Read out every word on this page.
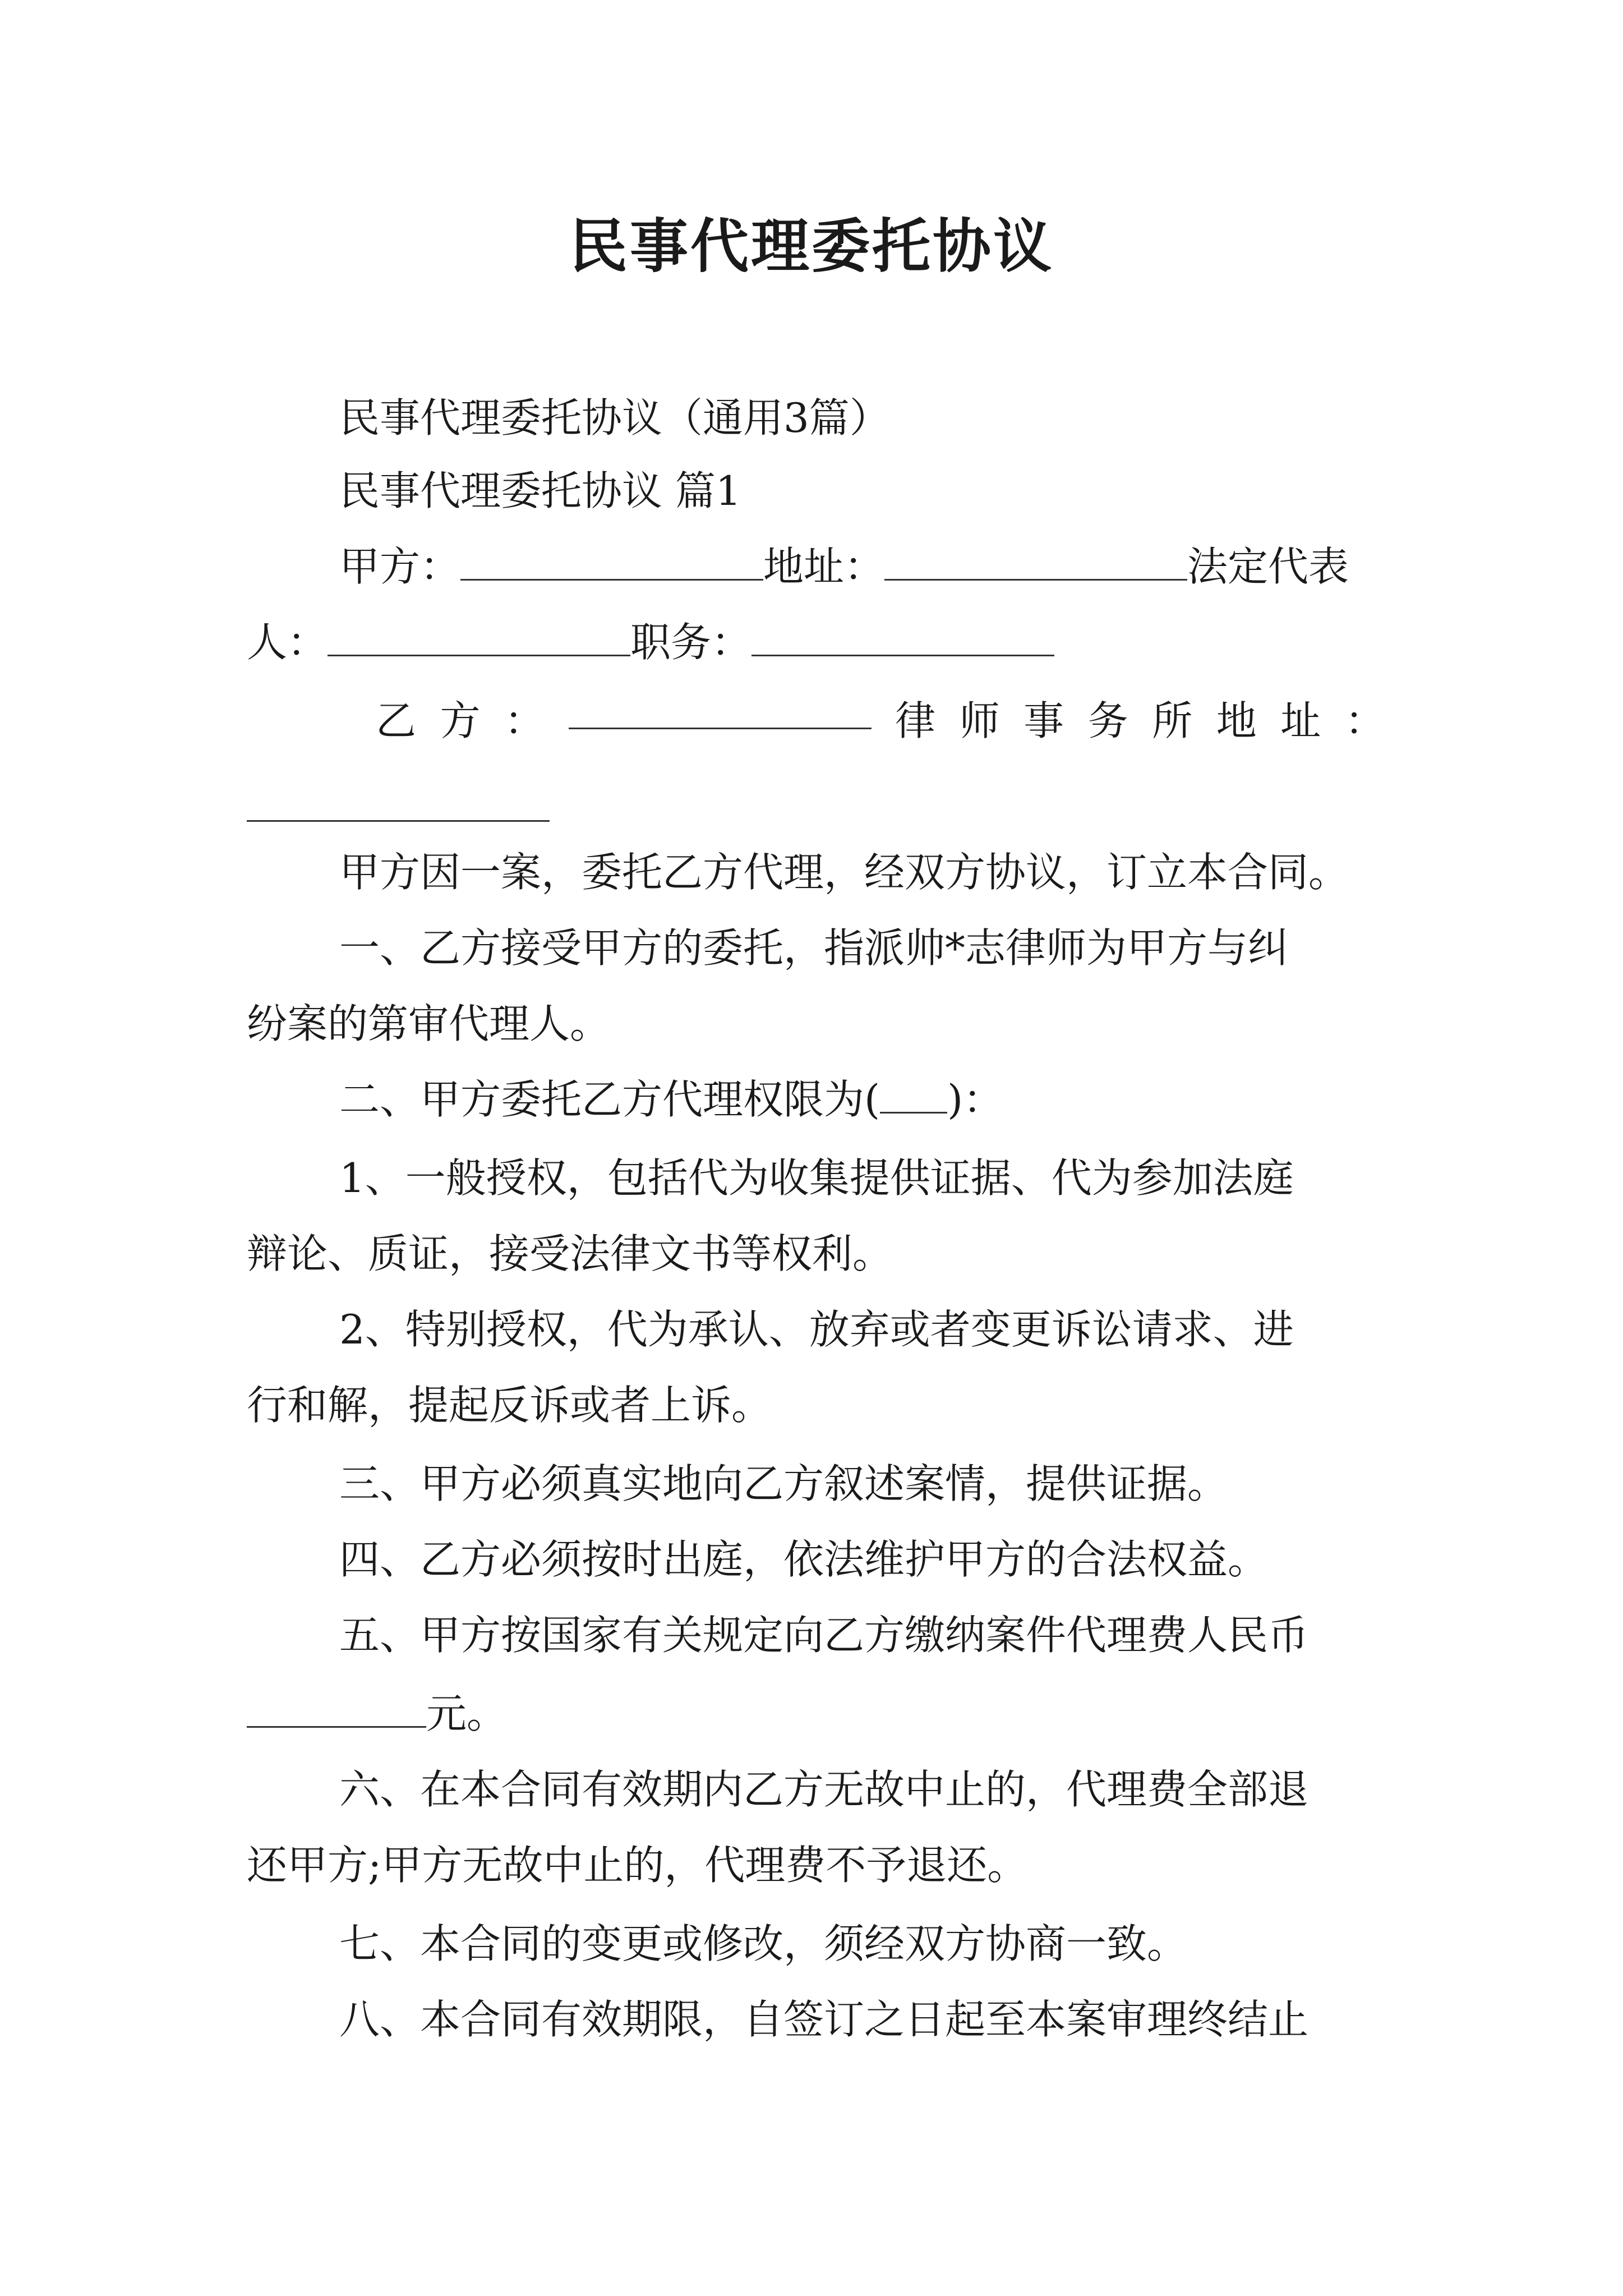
民事代理委托协议
民事代理委托协议（通用3篇）
民事代理委托协议 篇1
甲方：	地址：	法定代表
人：	职务：
乙 方 ：	律 师 事 务 所 地 址 ：
甲方因一案，委托乙方代理，经双方协议，订立本合同。
一、乙方接受甲方的委托，指派帅*志律师为甲方与纠
纷案的第审代理人。
二、甲方委托乙方代理权限为( )：
1、一般授权，包括代为收集提供证据、代为参加法庭
辩论、质证，接受法律文书等权利。
2、特别授权，代为承认、放弃或者变更诉讼请求、进
行和解，提起反诉或者上诉。
三、甲方必须真实地向乙方叙述案情，提供证据。
四、乙方必须按时出庭，依法维护甲方的合法权益。
五、甲方按国家有关规定向乙方缴纳案件代理费人民币
元。
六、在本合同有效期内乙方无故中止的，代理费全部退
还甲方;甲方无故中止的，代理费不予退还。
七、本合同的变更或修改，须经双方协商一致。
八、本合同有效期限，自签订之日起至本案审理终结止
